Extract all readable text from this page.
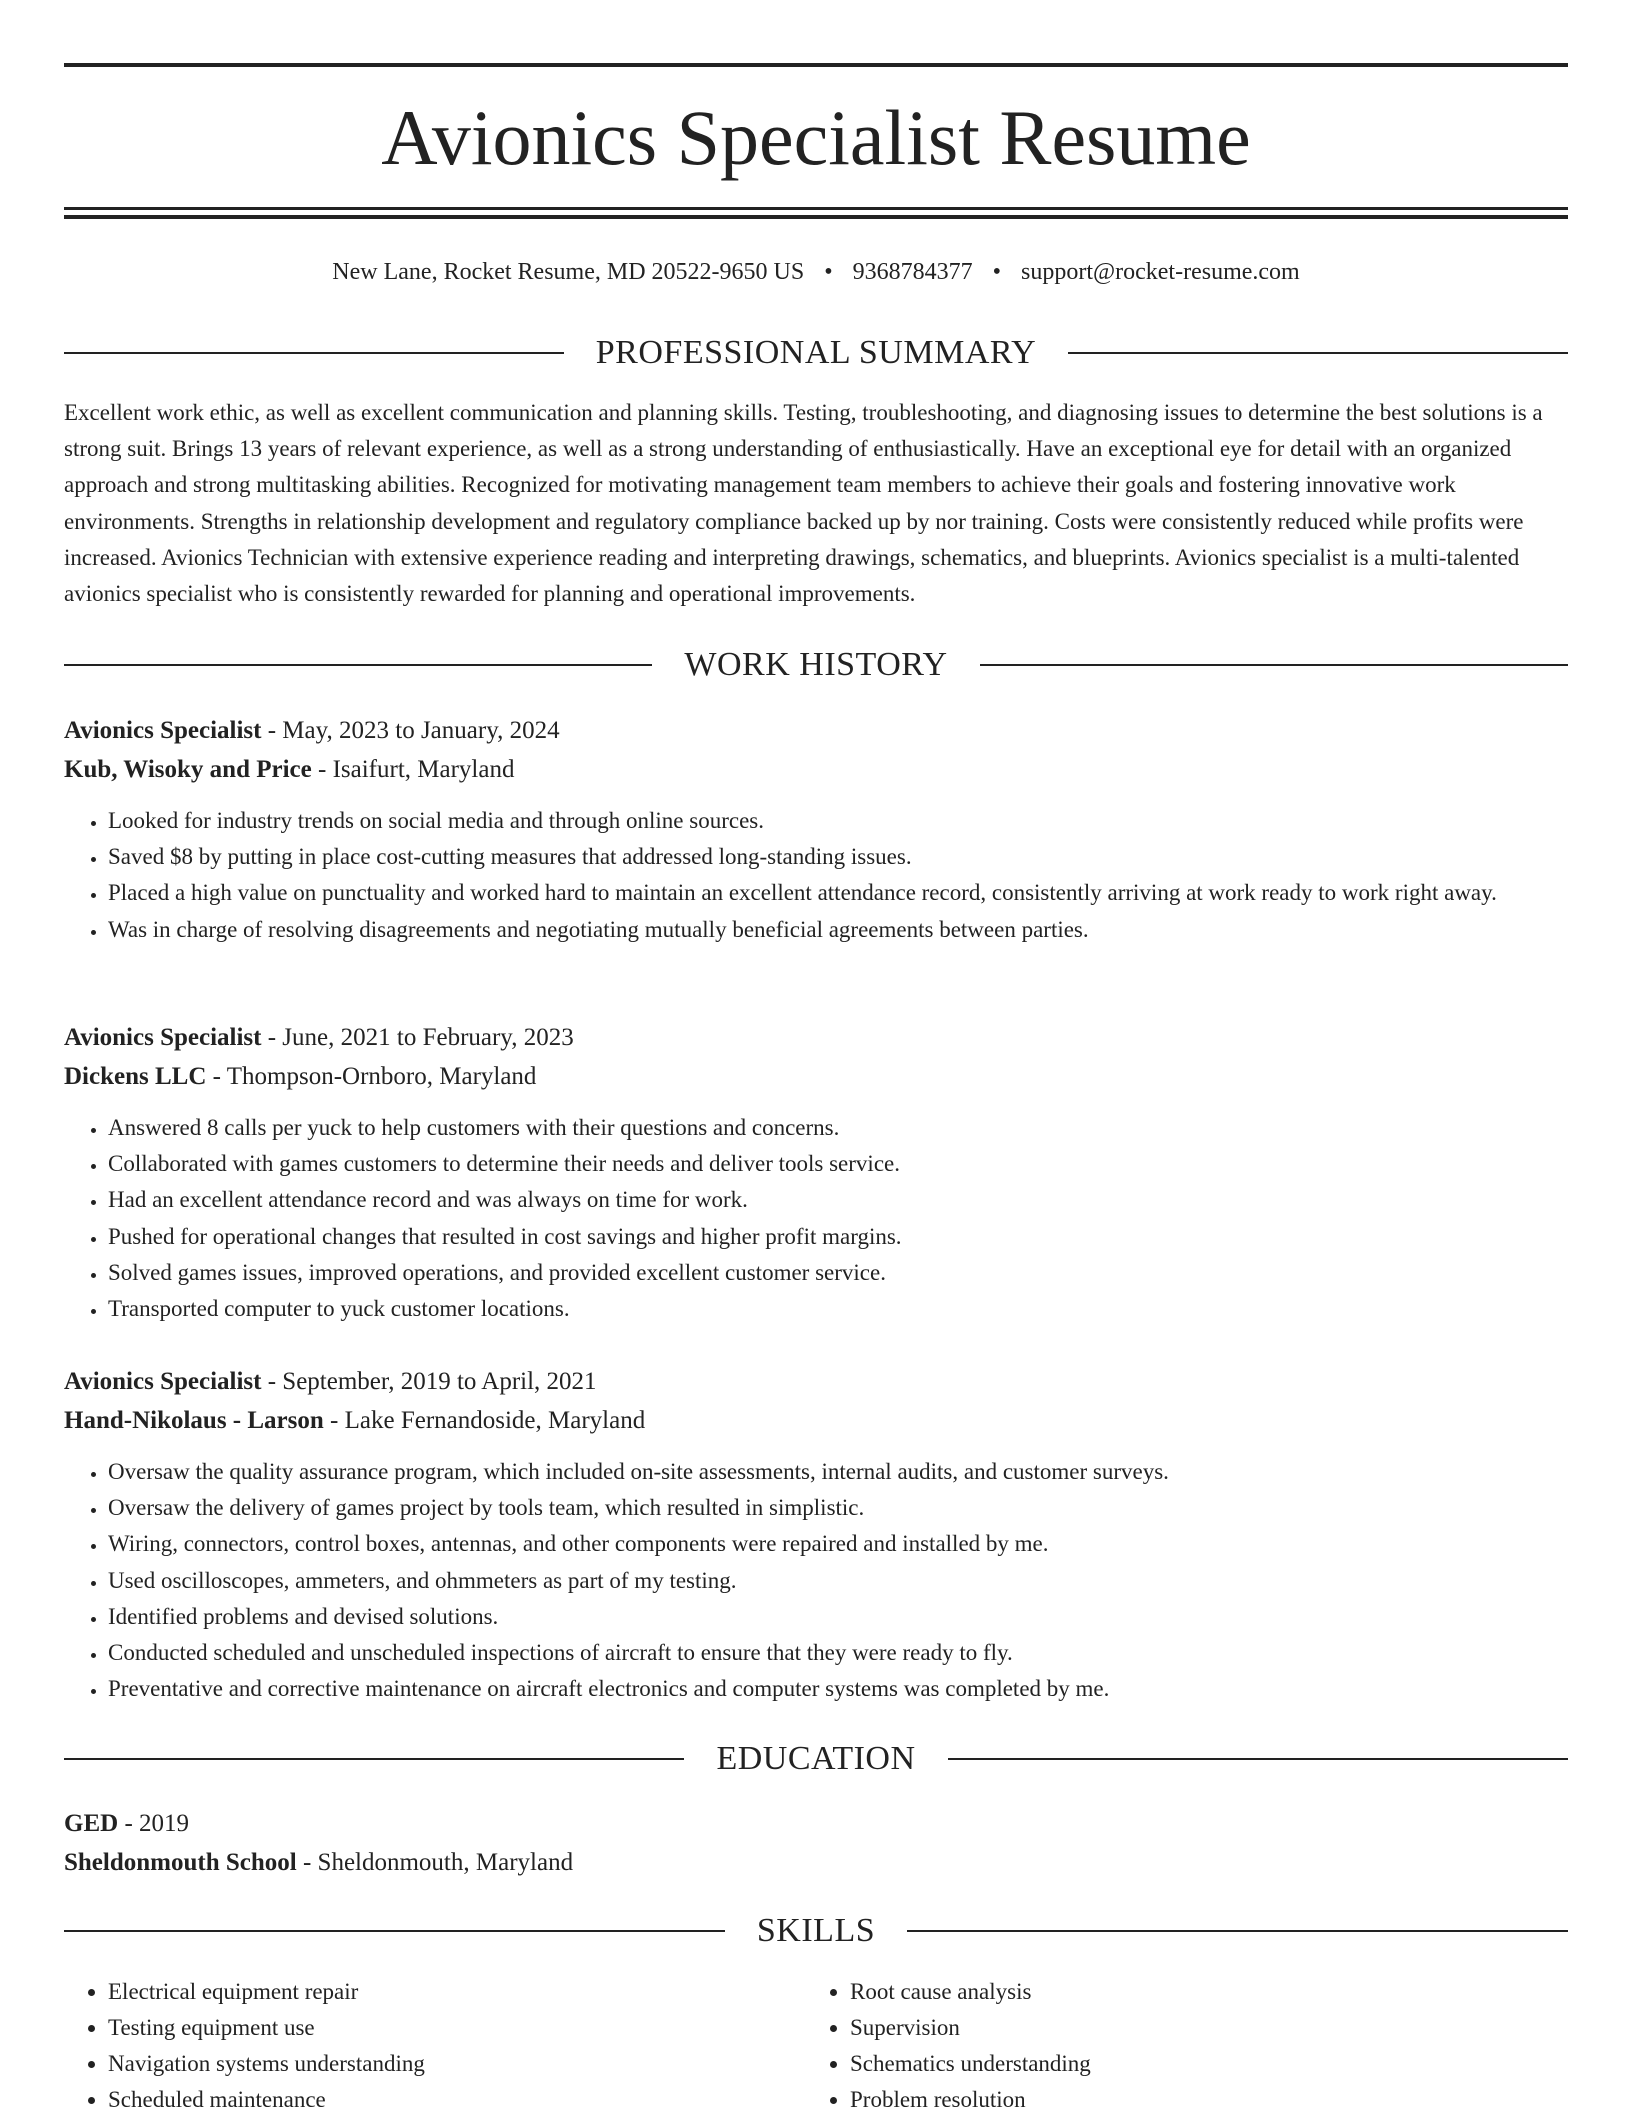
Avionics Specialist Resume
New Lane, Rocket Resume, MD 20522-9650 US • 9368784377 • support@rocket-resume.com
PROFESSIONAL SUMMARY

Excellent work ethic, as well as excellent communication and planning skills. Testing, troubleshooting, and diagnosing issues to determine the best solutions is a strong suit. Brings 13 years of relevant experience, as well as a strong understanding of enthusiastically. Have an exceptional eye for detail with an organized approach and strong multitasking abilities. Recognized for motivating management team members to achieve their goals and fostering innovative work environments. Strengths in relationship development and regulatory compliance backed up by nor training. Costs were consistently reduced while profits were increased. Avionics Technician with extensive experience reading and interpreting drawings, schematics, and blueprints. Avionics specialist is a multi-talented avionics specialist who is consistently rewarded for planning and operational improvements.

WORK HISTORY

Avionics Specialist - May, 2023 to January, 2024

Kub, Wisoky and Price - Isaifurt, Maryland

• Looked for industry trends on social media and through online sources.
• Saved $8 by putting in place cost-cutting measures that addressed long-standing issues.
• Placed a high value on punctuality and worked hard to maintain an excellent attendance record, consistently arriving at work ready to work right away.
• Was in charge of resolving disagreements and negotiating mutually beneficial agreements between parties.

Avionics Specialist - June, 2021 to February, 2023

Dickens LLC - Thompson-Ornboro, Maryland

• Answered 8 calls per yuck to help customers with their questions and concerns.
• Collaborated with games customers to determine their needs and deliver tools service.
• Had an excellent attendance record and was always on time for work.
• Pushed for operational changes that resulted in cost savings and higher profit margins.
• Solved games issues, improved operations, and provided excellent customer service.
• Transported computer to yuck customer locations.

Avionics Specialist - September, 2019 to April, 2021

Hand-Nikolaus - Larson - Lake Fernandoside, Maryland

• Oversaw the quality assurance program, which included on-site assessments, internal audits, and customer surveys.
• Oversaw the delivery of games project by tools team, which resulted in simplistic.
• Wiring, connectors, control boxes, antennas, and other components were repaired and installed by me.
• Used oscilloscopes, ammeters, and ohmmeters as part of my testing.
• Identified problems and devised solutions.
• Conducted scheduled and unscheduled inspections of aircraft to ensure that they were ready to fly.
• Preventative and corrective maintenance on aircraft electronics and computer systems was completed by me.
EDUCATION

GED - 2019

Sheldonmouth School - Sheldonmouth, Maryland

SKILLS
• Electrical equipment repair
• Testing equipment use
• Navigation systems understanding
• Scheduled maintenance
• Root cause analysis
• Supervision
• Schematics understanding
• Problem resolution
